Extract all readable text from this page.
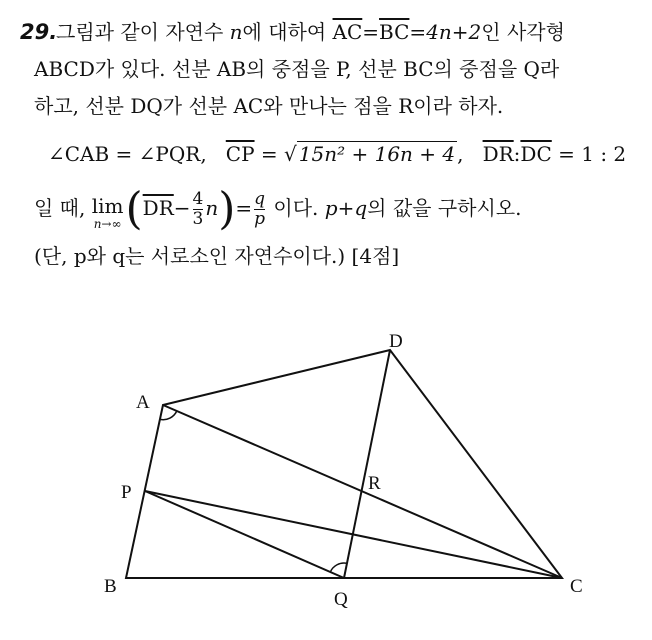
29.
그림과 같이 자연수 n에 대하여 $\overline{AC}=\overline{BC}=4n+2$인 사각형
ABCD가 있다. 선분 AB의 중점을 P, 선분 BC의 중점을 Q라
하고, 선분 DQ가 선분 AC와 만나는 점을 R이라 하자.
∠CAB = ∠PQR, $\overline{CP}$ = √ 15n² + 16n + 4 , $\overline{DR}:\overline{DC} = 1$ : 2
일 때, lim
n→∞ $(\overline{DR}- \frac{4}{3} n)= \frac{q}{p}$ 이다. p+q의 값을 구하시오.
(단, p와 q는 서로소인 자연수이다.) [4점]
A
B	C
D
P
Q
R
